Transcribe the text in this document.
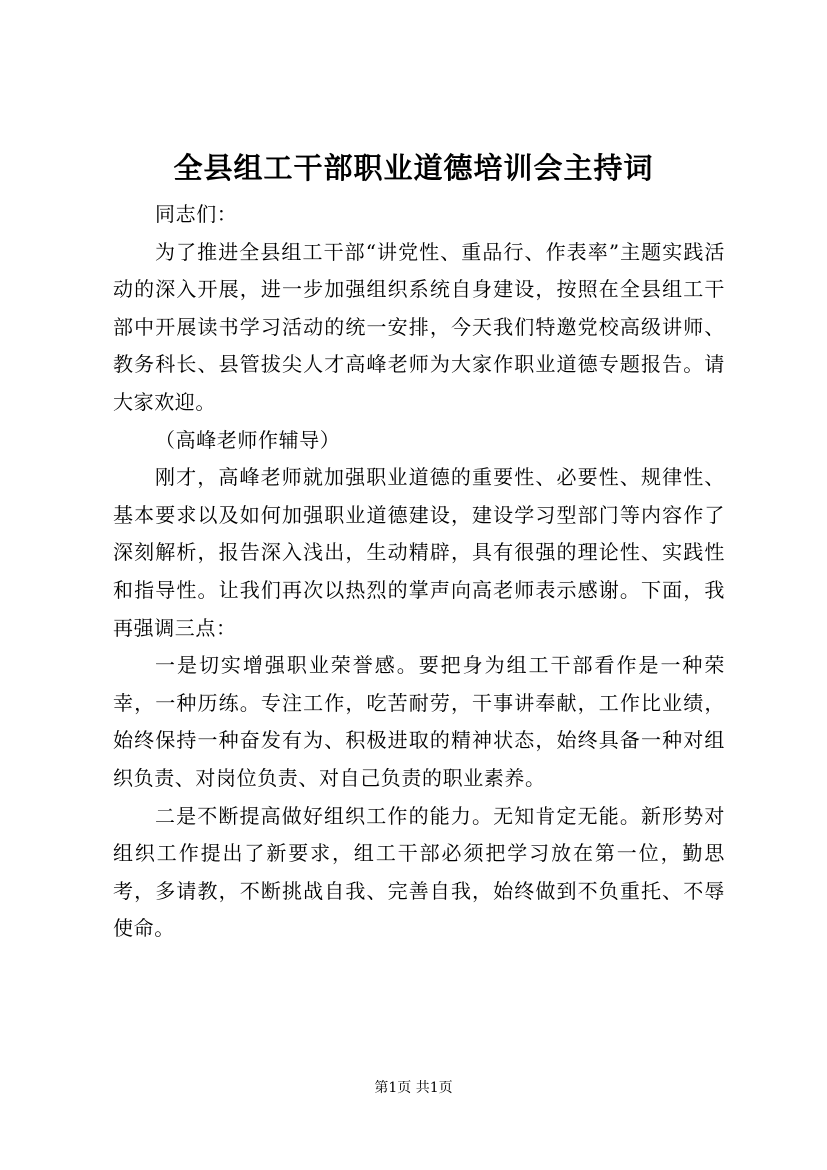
全县组工干部职业道德培训会主持词

同志们：

为了推进全县组工干部“讲党性、重品行、作表率”主题实践活动的深入开展，进一步加强组织系统自身建设，按照在全县组工干部中开展读书学习活动的统一安排，今天我们特邀党校高级讲师、教务科长、县管拔尖人才高峰老师为大家作职业道德专题报告。请大家欢迎。

（高峰老师作辅导）

刚才，高峰老师就加强职业道德的重要性、必要性、规律性、基本要求以及如何加强职业道德建设，建设学习型部门等内容作了深刻解析，报告深入浅出，生动精辟，具有很强的理论性、实践性和指导性。让我们再次以热烈的掌声向高老师表示感谢。下面，我再强调三点：

一是切实增强职业荣誉感。要把身为组工干部看作是一种荣幸，一种历练。专注工作，吃苦耐劳，干事讲奉献，工作比业绩，始终保持一种奋发有为、积极进取的精神状态，始终具备一种对组织负责、对岗位负责、对自己负责的职业素养。

二是不断提高做好组织工作的能力。无知肯定无能。新形势对组织工作提出了新要求，组工干部必须把学习放在第一位，勤思考，多请教，不断挑战自我、完善自我，始终做到不负重托、不辱使命。

第1页 共1页
